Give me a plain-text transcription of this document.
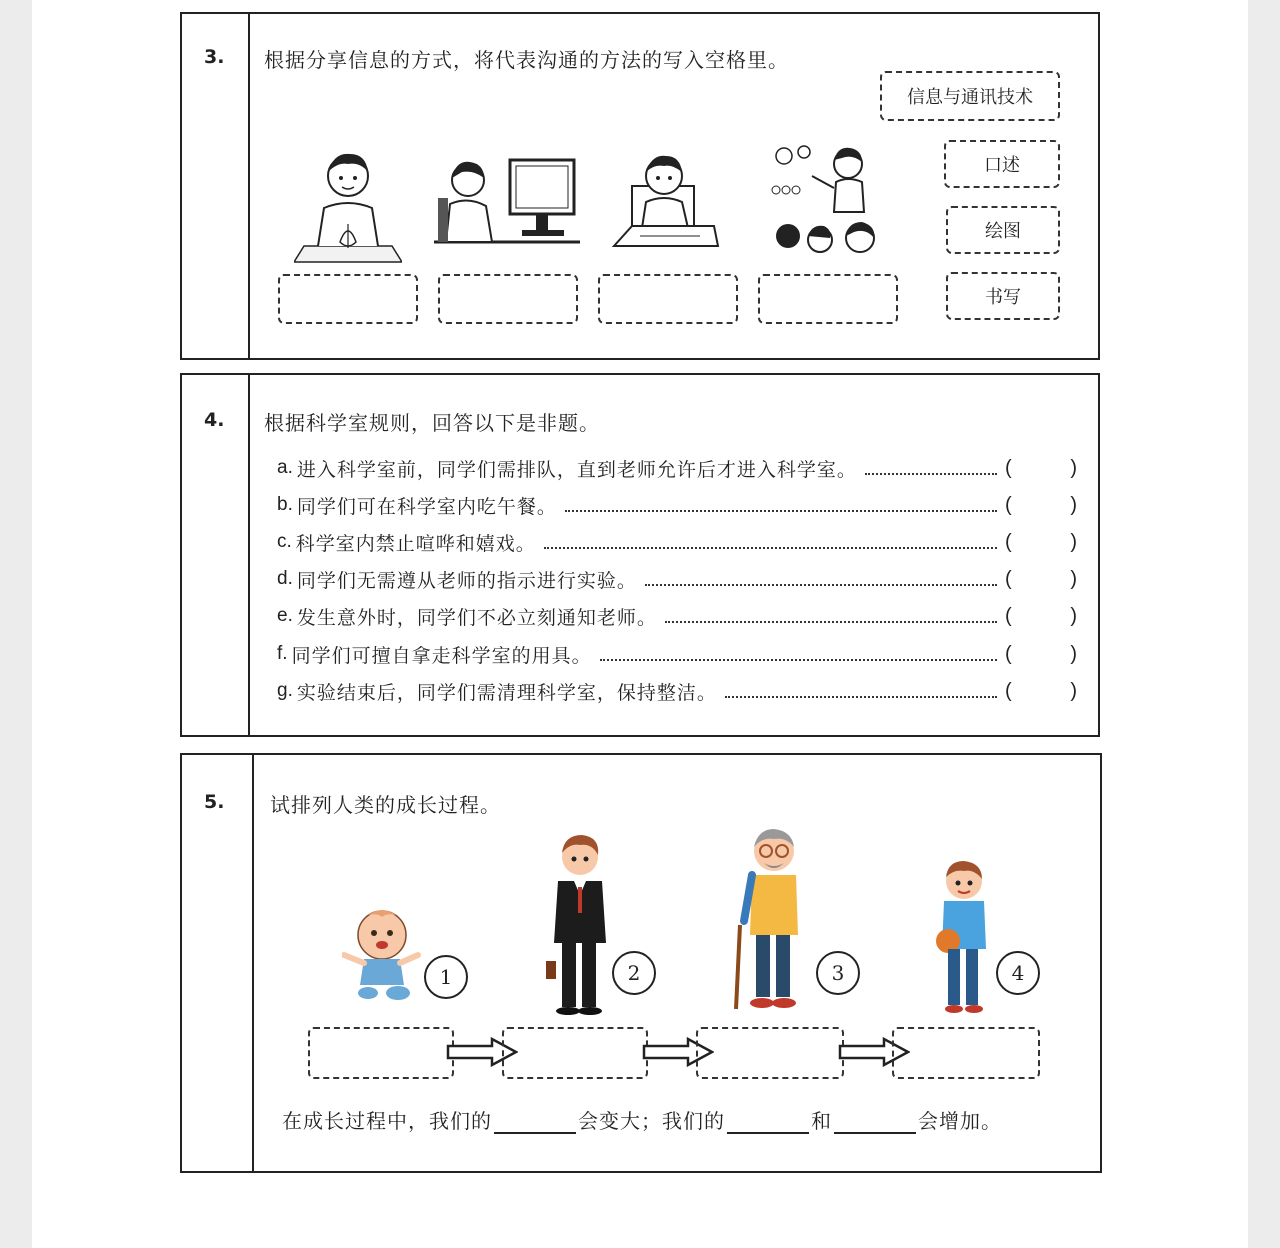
3. 根据分享信息的方式，将代表沟通的方法的写入空格里。
信息与通讯技术
口述
绘图
书写
4. 根据科学室规则，回答以下是非题。
a. 进入科学室前，同学们需排队，直到老师允许后才进入科学室。	(	)
b. 同学们可在科学室内吃午餐。	(	)
c. 科学室内禁止喧哗和嬉戏。	(	)
d. 同学们无需遵从老师的指示进行实验。	(	)
e. 发生意外时，同学们不必立刻通知老师。	(	)
f. 同学们可擅自拿走科学室的用具。	(	)
g. 实验结束后，同学们需清理科学室，保持整洁。	(	)
5. 试排列人类的成长过程。
1	2	3	4
在成长过程中，我们的	会变大；我们的	和	会增加。
